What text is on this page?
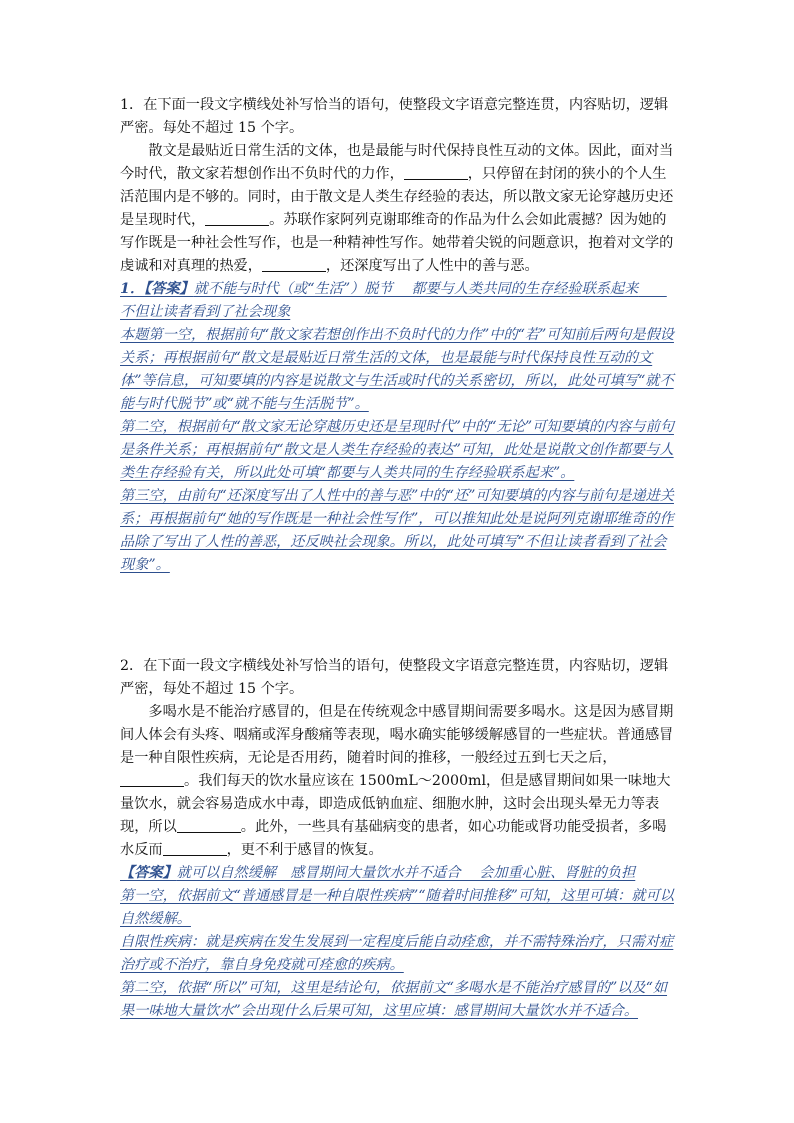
1．在下面一段文字横线处补写恰当的语句，使整段文字语意完整连贯，内容贴切，逻辑严密。每处不超过 15 个字。

散文是最贴近日常生活的文体，也是最能与时代保持良性互动的文体。因此，面对当今时代，散文家若想创作出不负时代的力作，	，只停留在封闭的狭小的个人生活范围内是不够的。同时，由于散文是人类生存经验的表达，所以散文家无论穿越历史还是呈现时代，	。苏联作家阿列克谢耶维奇的作品为什么会如此震撼？因为她的写作既是一种社会性写作，也是一种精神性写作。她带着尖锐的问题意识，抱着对文学的虔诚和对真理的热爱，	，还深度写出了人性中的善与恶。

1．【答案】就不能与时代（或“生活”）脱节　 都要与人类共同的生存经验联系起来　　不但让读者看到了社会现象

本题第一空，根据前句“散文家若想创作出不负时代的力作”中的“若”可知前后两句是假设关系；再根据前句“散文是最贴近日常生活的文体，也是最能与时代保持良性互动的文体”等信息，可知要填的内容是说散文与生活或时代的关系密切，所以，此处可填写“就不能与时代脱节”或“就不能与生活脱节”。

第二空，根据前句“散文家无论穿越历史还是呈现时代”中的“无论”可知要填的内容与前句是条件关系；再根据前句“散文是人类生存经验的表达”可知，此处是说散文创作都要与人类生存经验有关，所以此处可填“都要与人类共同的生存经验联系起来”。

第三空，由前句“还深度写出了人性中的善与恶”中的“还”可知要填的内容与前句是递进关系；再根据前句“她的写作既是一种社会性写作”，可以推知此处是说阿列克谢耶维奇的作品除了写出了人性的善恶，还反映社会现象。所以，此处可填写“不但让读者看到了社会现象”。

2．在下面一段文字横线处补写恰当的语句，使整段文字语意完整连贯，内容贴切，逻辑严密，每处不超过 15 个字。

多喝水是不能治疗感冒的，但是在传统观念中感冒期间需要多喝水。这是因为感冒期间人体会有头疼、咽痛或浑身酸痛等表现，喝水确实能够缓解感冒的一些症状。普通感冒是一种自限性疾病，无论是否用药，随着时间的推移，一般经过五到七天之后，。我们每天的饮水量应该在 1500mL～2000ml，但是感冒期间如果一味地大量饮水，就会容易造成水中毒，即造成低钠血症、细胞水肿，这时会出现头晕无力等表现，所以	。此外，一些具有基础病变的患者，如心功能或肾功能受损者，多喝水反而	，更不利于感冒的恢复。

【答案】就可以自然缓解　感冒期间大量饮水并不适合　 会加重心脏、肾脏的负担

第一空，依据前文“普通感冒是一种自限性疾病”“随着时间推移”可知，这里可填：就可以自然缓解。

自限性疾病：就是疾病在发生发展到一定程度后能自动痊愈，并不需特殊治疗，只需对症治疗或不治疗，靠自身免疫就可痊愈的疾病。

第二空，依据“所以”可知，这里是结论句，依据前文“多喝水是不能治疗感冒的”以及“如果一味地大量饮水”会出现什么后果可知，这里应填：感冒期间大量饮水并不适合。
